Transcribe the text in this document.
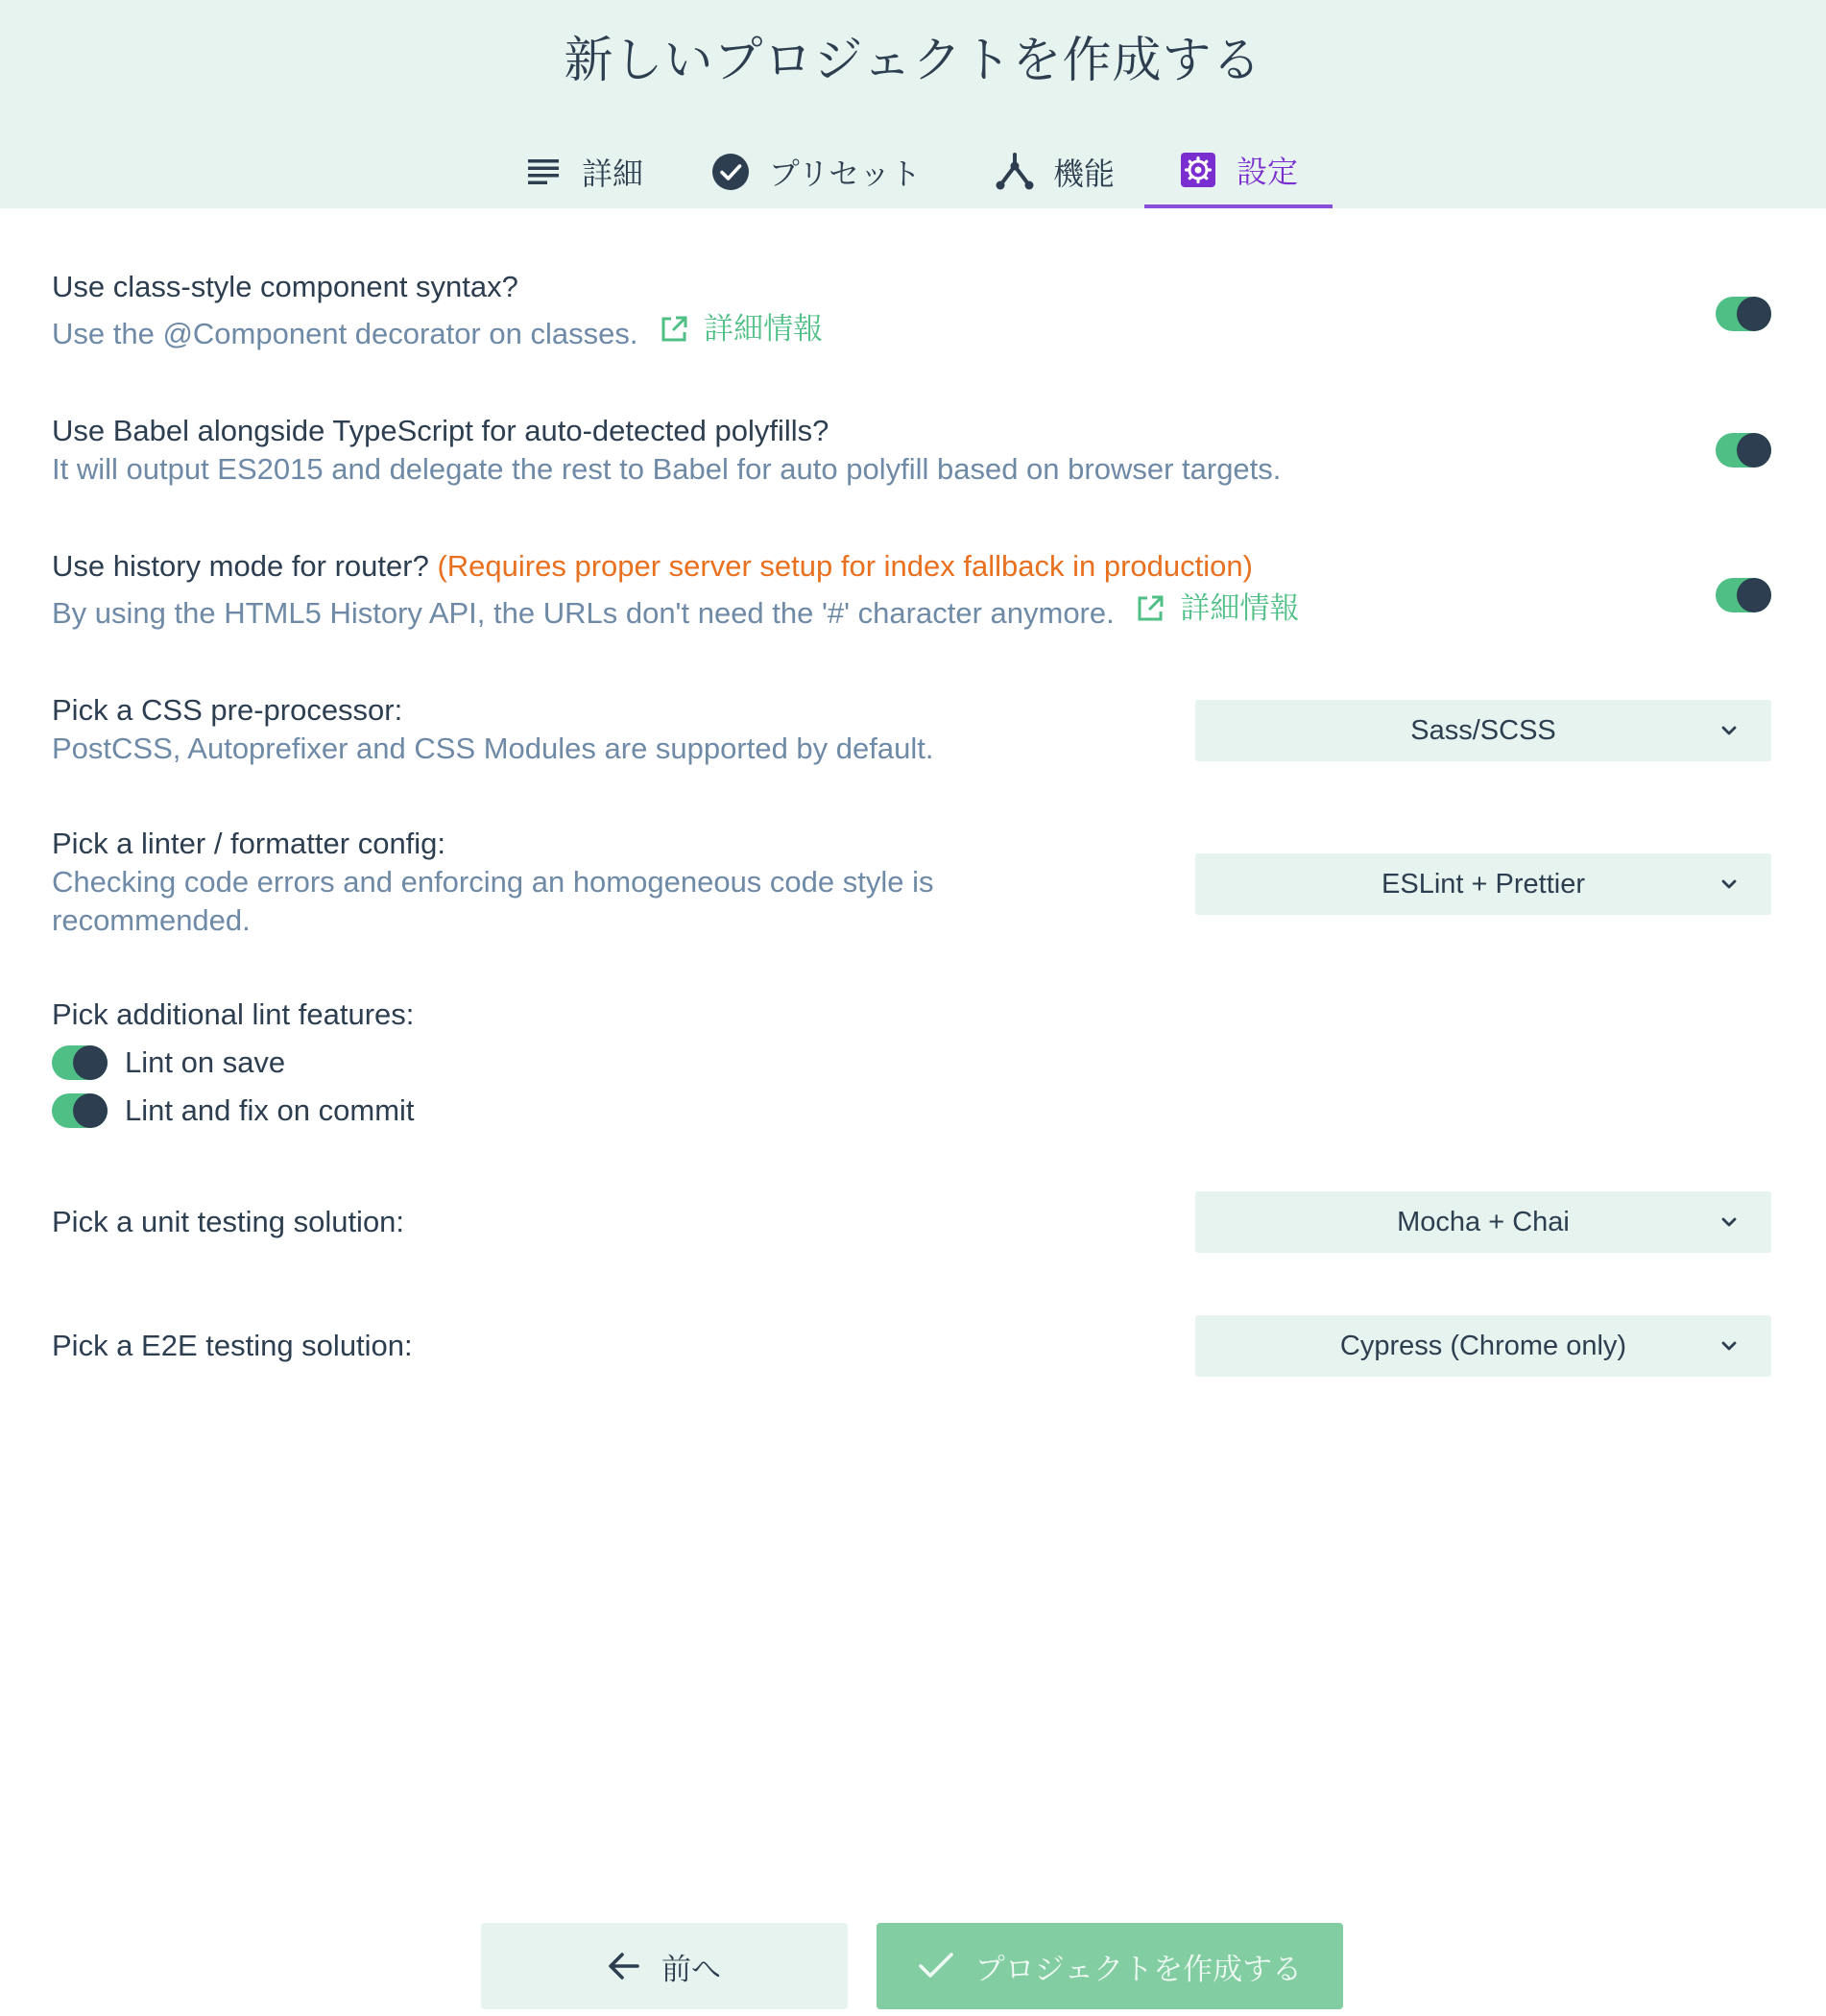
新しいプロジェクトを作成する
詳細	プリセット	機能	設定
Use class-style component syntax?
Use the @Component decorator on classes. 詳細情報
Use Babel alongside TypeScript for auto-detected polyfills?
It will output ES2015 and delegate the rest to Babel for auto polyfill based on browser targets.
Use history mode for router? (Requires proper server setup for index fallback in production)
By using the HTML5 History API, the URLs don't need the '#' character anymore. 詳細情報
Pick a CSS pre-processor:
PostCSS, Autoprefixer and CSS Modules are supported by default.
Sass/SCSS
Pick a linter / formatter config:
Checking code errors and enforcing an homogeneous code style is recommended.
ESLint + Prettier
Pick additional lint features:
Lint on save
Lint and fix on commit
Pick a unit testing solution:	Mocha + Chai
Pick a E2E testing solution:	Cypress (Chrome only)
前へ	プロジェクトを作成する
